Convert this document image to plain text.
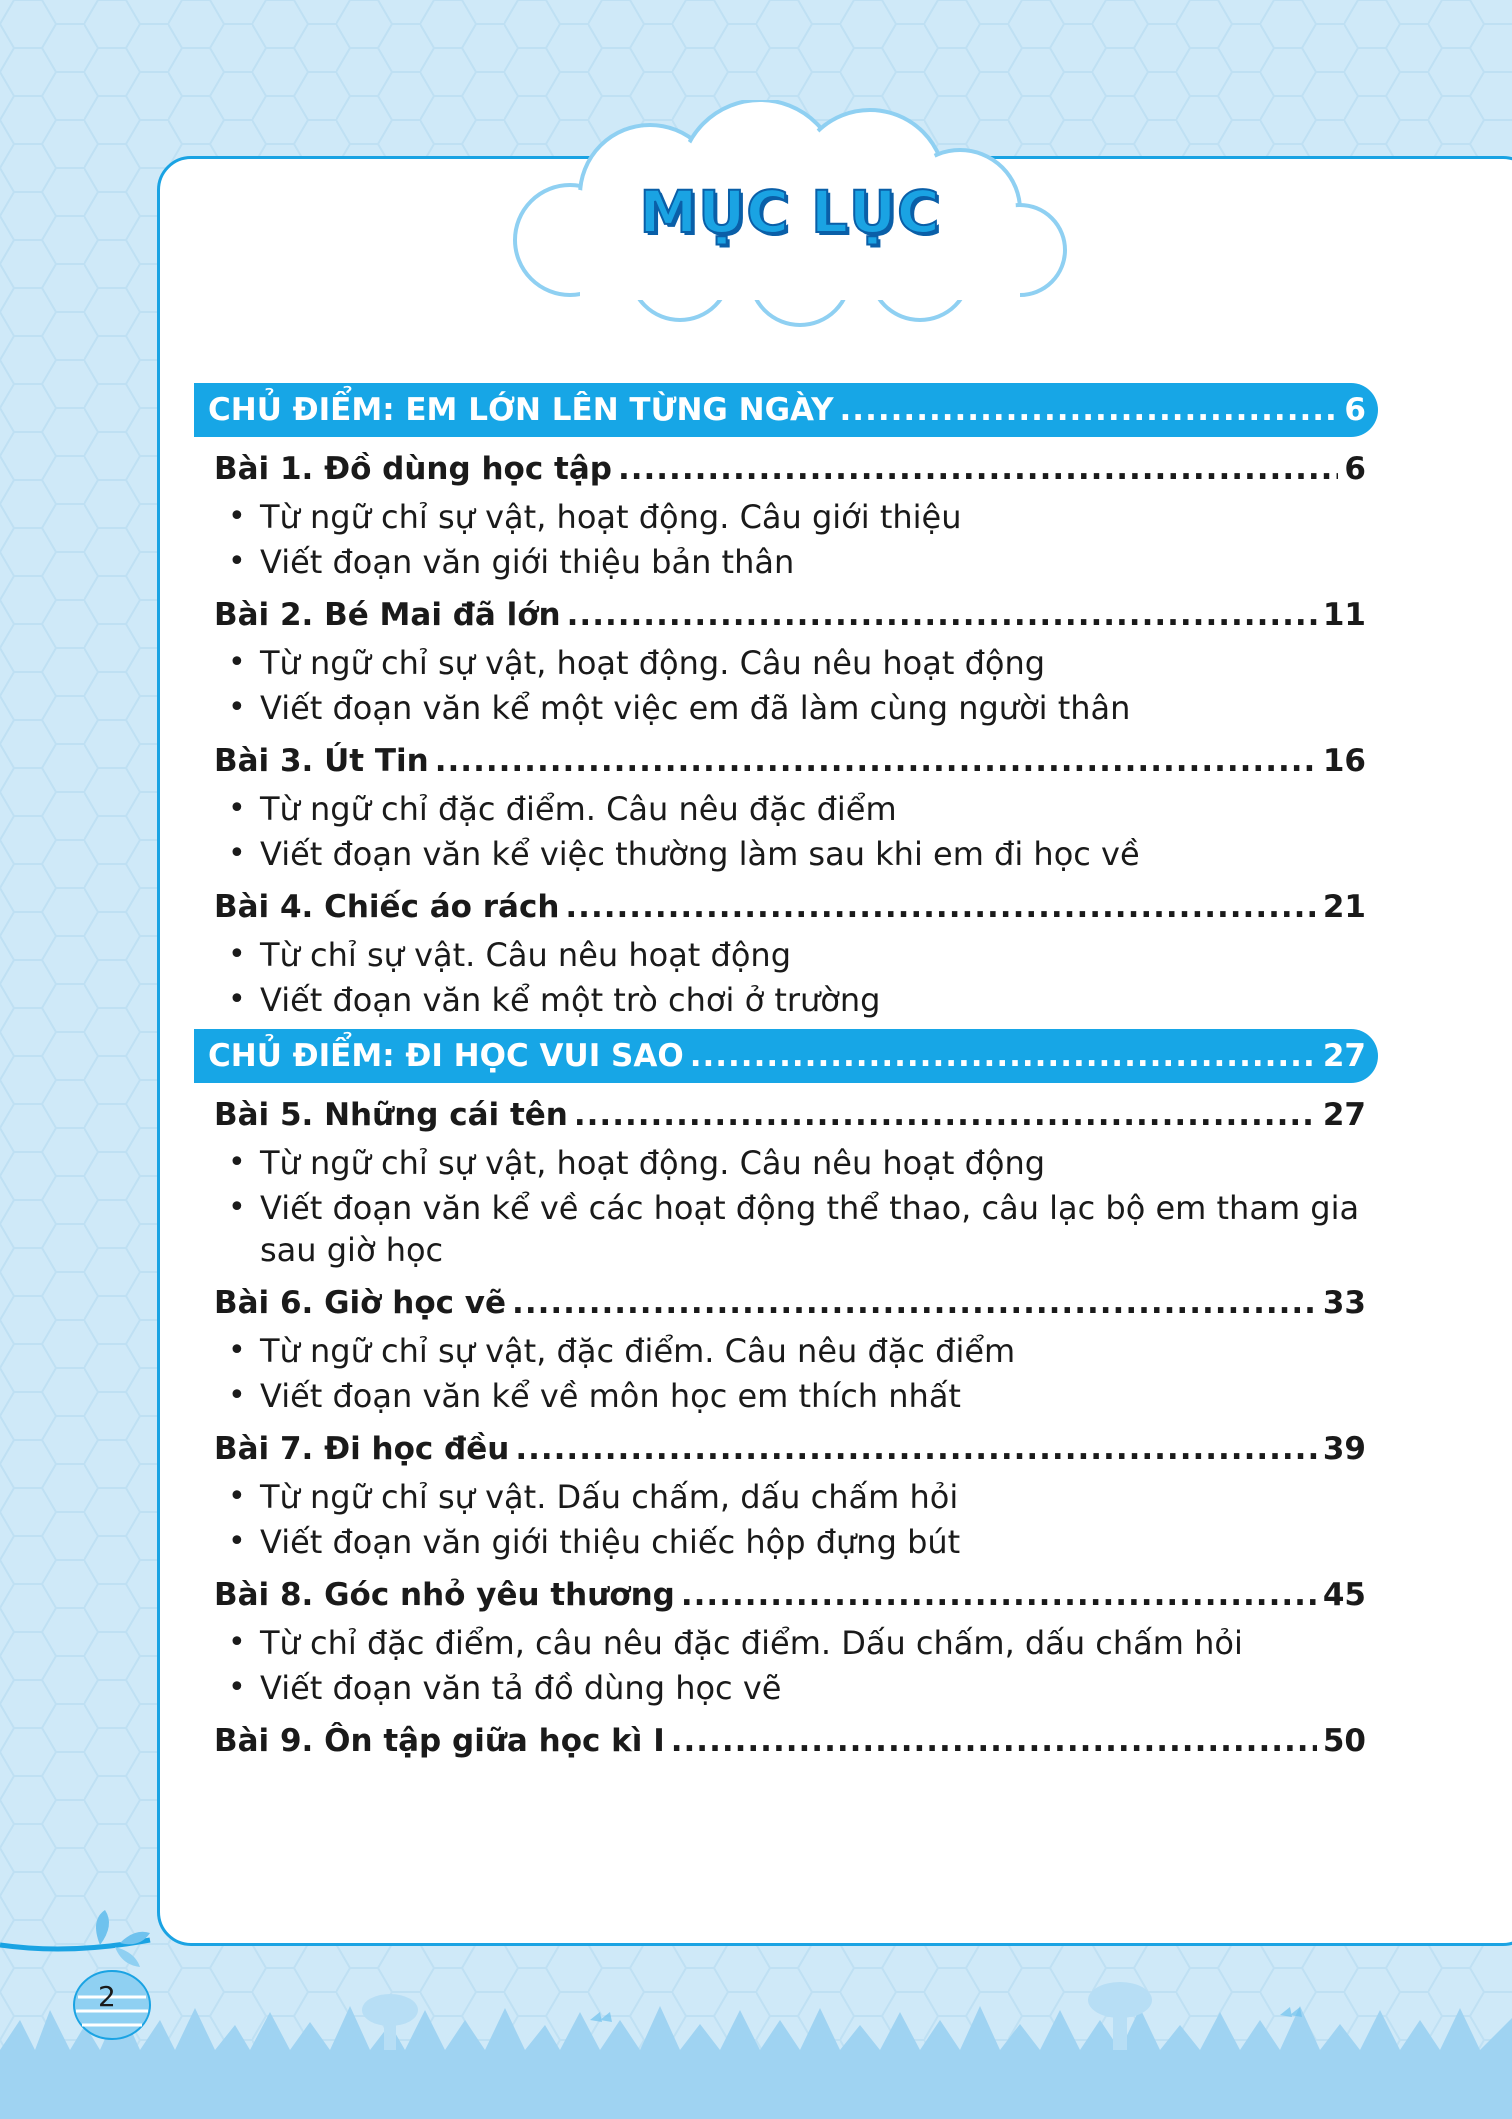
MỤC LỤC
CHỦ ĐIỂM: EM LỚN LÊN TỪNG NGÀY .....	6
Bài 1. Đồ dùng học tập .....	6
• Từ ngữ chỉ sự vật, hoạt động. Câu giới thiệu
• Viết đoạn văn giới thiệu bản thân
Bài 2. Bé Mai đã lớn .....	11
• Từ ngữ chỉ sự vật, hoạt động. Câu nêu hoạt động
• Viết đoạn văn kể một việc em đã làm cùng người thân
Bài 3. Út Tin .....	16
• Từ ngữ chỉ đặc điểm. Câu nêu đặc điểm
• Viết đoạn văn kể việc thường làm sau khi em đi học về
Bài 4. Chiếc áo rách .....	21
• Từ chỉ sự vật. Câu nêu hoạt động
• Viết đoạn văn kể một trò chơi ở trường
CHỦ ĐIỂM: ĐI HỌC VUI SAO .....	27
Bài 5. Những cái tên .....	27
• Từ ngữ chỉ sự vật, hoạt động. Câu nêu hoạt động
• Viết đoạn văn kể về các hoạt động thể thao, câu lạc bộ em tham gia sau giờ học
Bài 6. Giờ học vẽ .....	33
• Từ ngữ chỉ sự vật, đặc điểm. Câu nêu đặc điểm
• Viết đoạn văn kể về môn học em thích nhất
Bài 7. Đi học đều .....	39
• Từ ngữ chỉ sự vật. Dấu chấm, dấu chấm hỏi
• Viết đoạn văn giới thiệu chiếc hộp đựng bút
Bài 8. Góc nhỏ yêu thương .....	45
• Từ chỉ đặc điểm, câu nêu đặc điểm. Dấu chấm, dấu chấm hỏi
• Viết đoạn văn tả đồ dùng học vẽ
Bài 9. Ôn tập giữa học kì I .....	50
2
